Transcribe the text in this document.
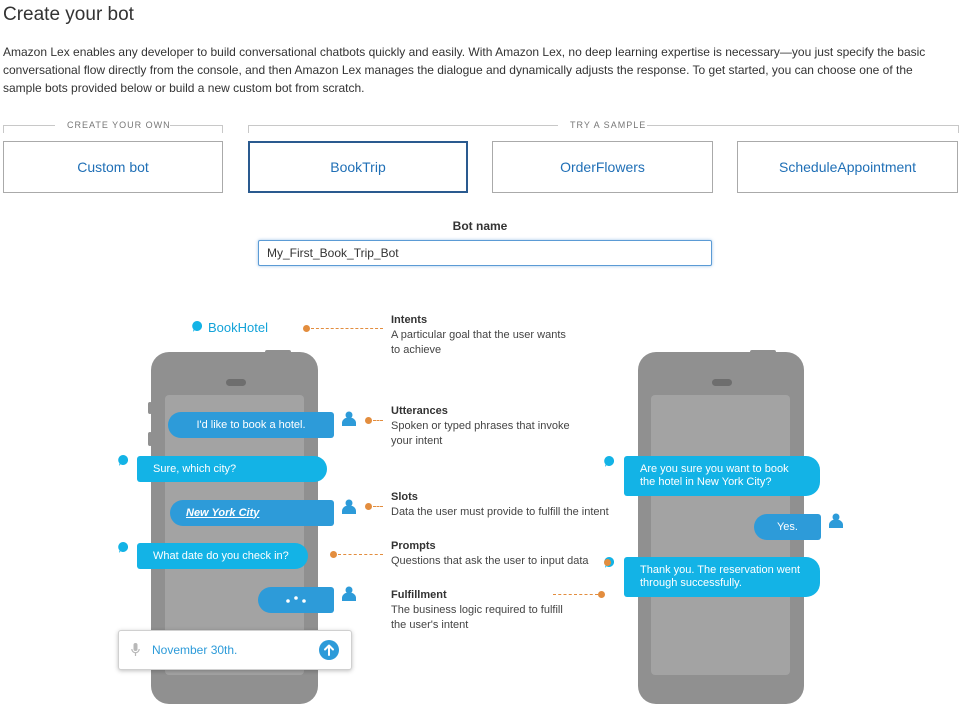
Create your bot
Amazon Lex enables any developer to build conversational chatbots quickly and easily. With Amazon Lex, no deep learning expertise is necessary—you just specify the basic conversational flow directly from the console, and then Amazon Lex manages the dialogue and dynamically adjusts the response. To get started, you can choose one of the sample bots provided below or build a new custom bot from scratch.
CREATE YOUR OWN	TRY A SAMPLE
Custom bot	BookTrip	OrderFlowers	ScheduleAppointment
Bot name
My_First_Book_Trip_Bot
BookHotel
I'd like to book a hotel.
Sure, which city?
New York City
What date do you check in?
November 30th.
Are you sure you want to book the hotel in New York City?
Yes.
Thank you. The reservation went through successfully.
Intents
A particular goal that the user wants to achieve
Utterances
Spoken or typed phrases that invoke your intent
Slots
Data the user must provide to fulfill the intent
Prompts
Questions that ask the user to input data
Fulfillment
The business logic required to fulfill the user's intent
